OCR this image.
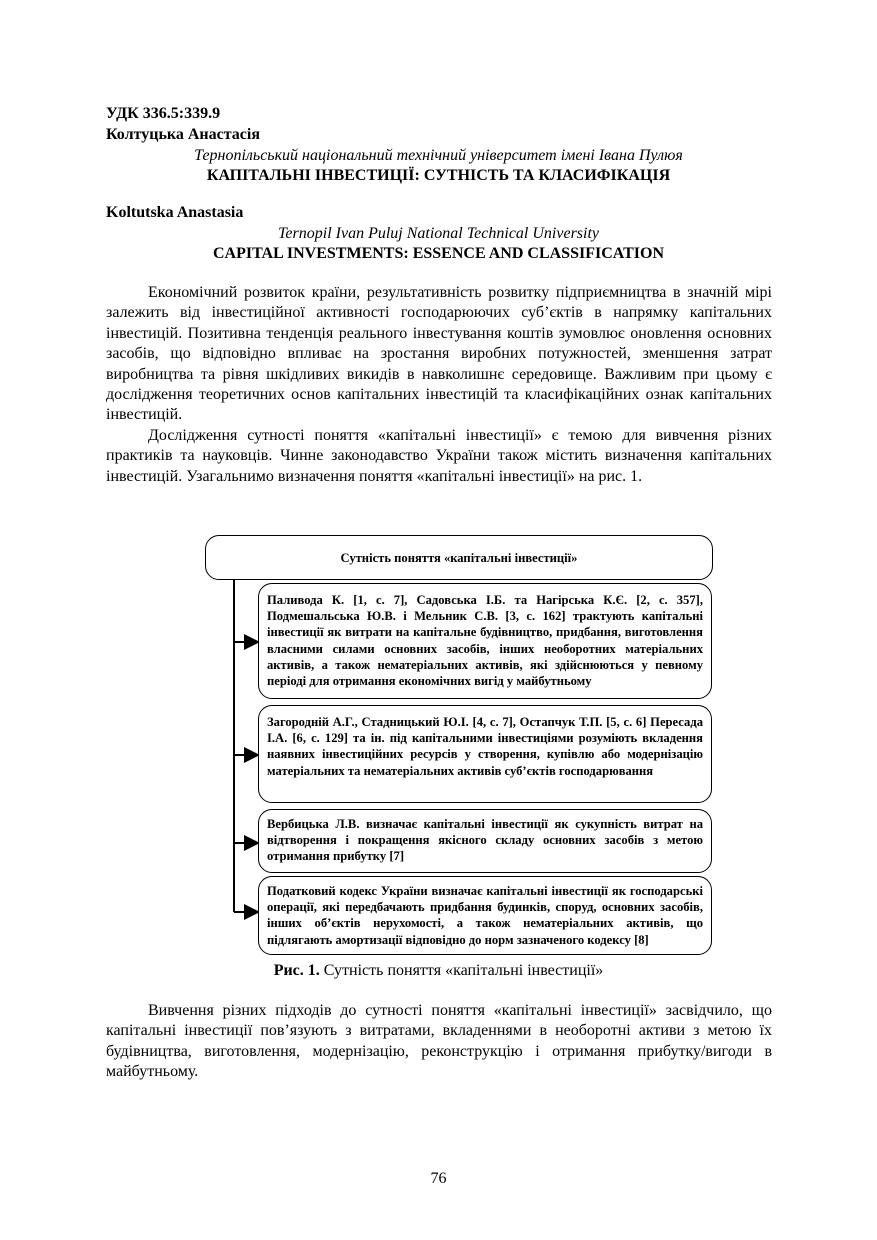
УДК 336.5:339.9
Колтуцька Анастасія
Тернопільський національний технічний університет імені Івана Пулюя
КАПІТАЛЬНІ ІНВЕСТИЦІЇ: СУТНІСТЬ ТА КЛАСИФІКАЦІЯ
Koltutska Anastasia
Ternopil Ivan Puluj National Technical University
CAPITAL INVESTMENTS: ESSENCE AND CLASSIFICATION

Економічний розвиток країни, результативність розвитку підприємництва в значній мірі залежить від інвестиційної активності господарюючих суб’єктів в напрямку капітальних інвестицій. Позитивна тенденція реального інвестування коштів зумовлює оновлення основних засобів, що відповідно впливає на зростання виробних потужностей, зменшення затрат виробництва та рівня шкідливих викидів в навколишнє середовище. Важливим при цьому є дослідження теоретичних основ капітальних інвестицій та класифікаційних ознак капітальних інвестицій.

Дослідження сутності поняття «капітальні інвестиції» є темою для вивчення різних практиків та науковців. Чинне законодавство України також містить визначення капітальних інвестицій. Узагальнимо визначення поняття «капітальні інвестиції» на рис. 1.

Сутність поняття «капітальні інвестиції»
Паливода К. [1, с. 7], Садовська І.Б. та Нагірська К.Є. [2, с. 357], Подмешальська Ю.В. і Мельник С.В. [3, с. 162] трактують капітальні інвестиції як витрати на капітальне будівництво, придбання, виготовлення власними силами основних засобів, інших необоротних матеріальних активів, а також нематеріальних активів, які здійснюються у певному періоді для отримання економічних вигід у майбутньому
Загородній А.Г., Стадницький Ю.І. [4, с. 7], Остапчук Т.П. [5, с. 6] Пересада І.А. [6, с. 129] та ін. під капітальними інвестиціями розуміють вкладення наявних інвестиційних ресурсів у створення, купівлю або модернізацію матеріальних та нематеріальних активів суб’єктів господарювання
Вербицька Л.В. визначає капітальні інвестиції як сукупність витрат на відтворення і покращення якісного складу основних засобів з метою отримання прибутку [7]
Податковий кодекс України визначає капітальні інвестиції як господарські операції, які передбачають придбання будинків, споруд, основних засобів, інших об’єктів нерухомості, а також нематеріальних активів, що підлягають амортизації відповідно до норм зазначеного кодексу [8]
Рис. 1. Сутність поняття «капітальні інвестиції»

Вивчення різних підходів до сутності поняття «капітальні інвестиції» засвідчило, що капітальні інвестиції пов’язують з витратами, вкладеннями в необоротні активи з метою їх будівництва, виготовлення, модернізацію, реконструкцію і отримання прибутку/вигоди в майбутньому.

76
